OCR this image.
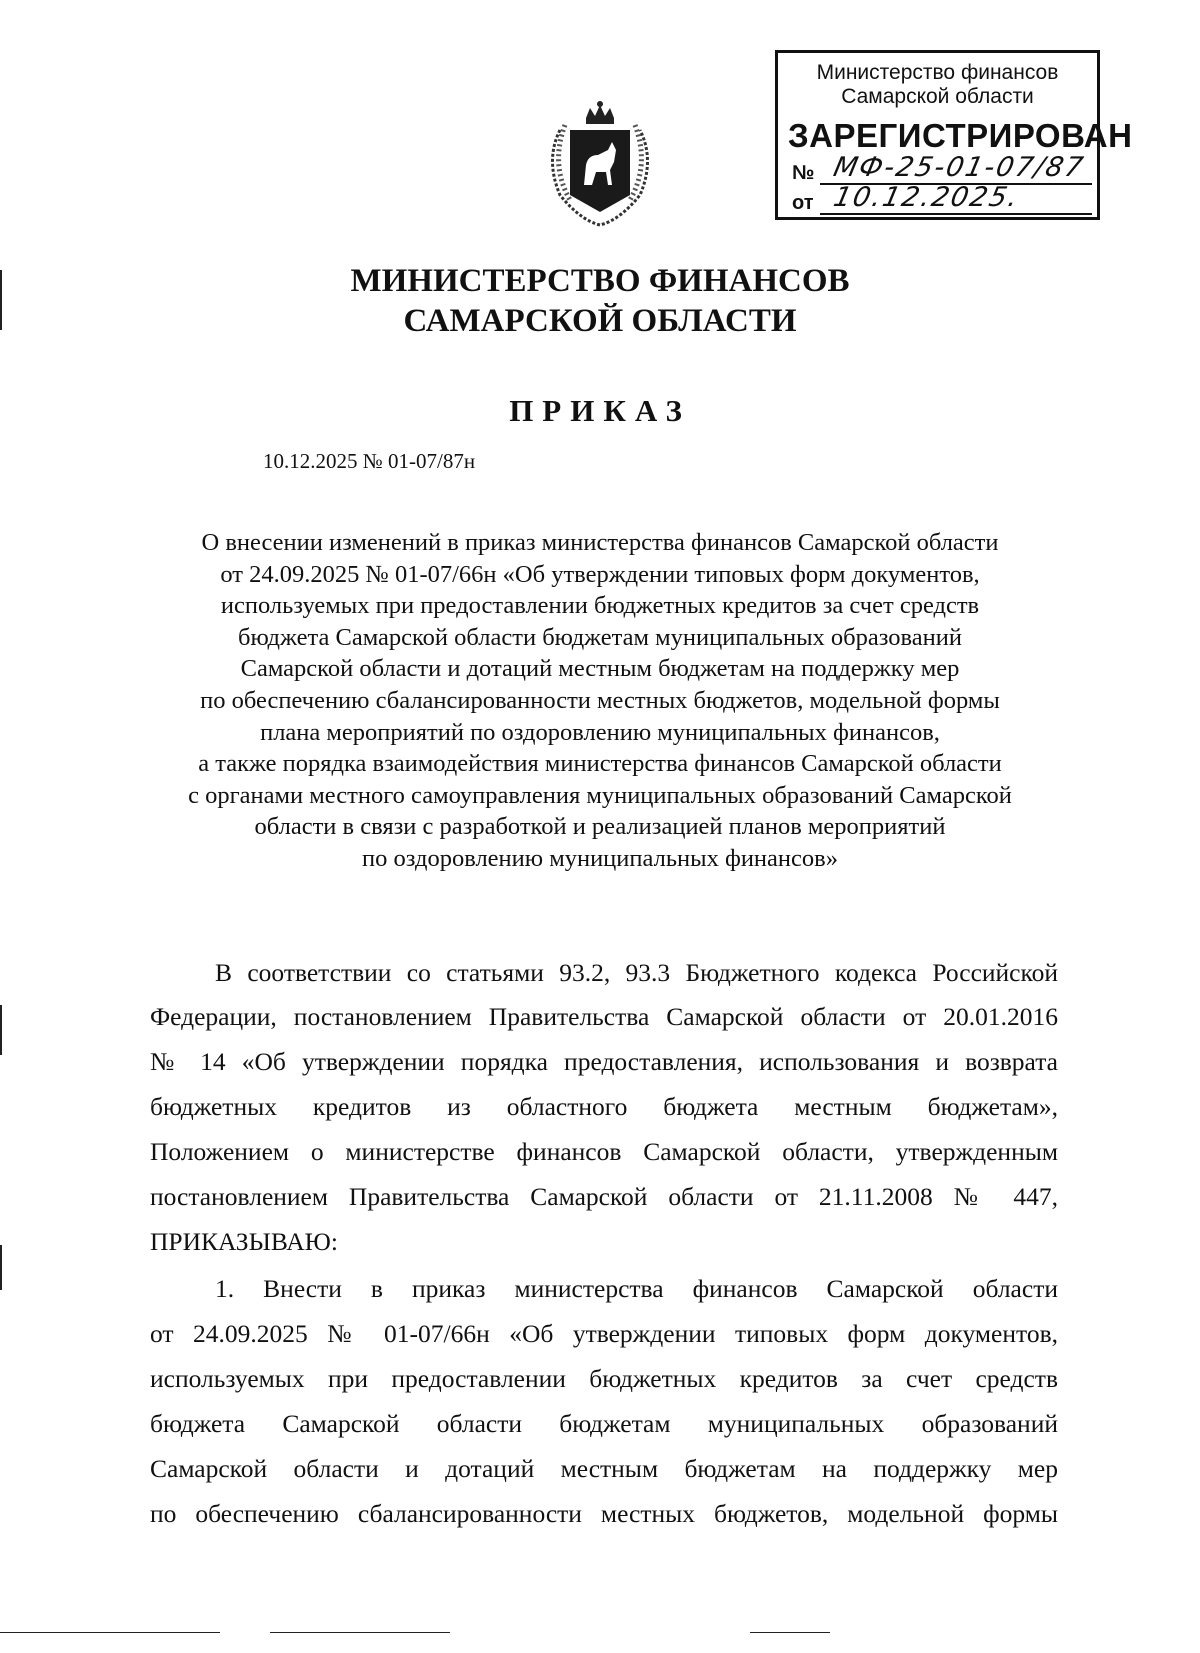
Министерство финансов
Самарской области
ЗАРЕГИСТРИРОВАН
№ МФ-25-01-07/87
от 10.12.2025.
МИНИСТЕРСТВО ФИНАНСОВ
САМАРСКОЙ ОБЛАСТИ
ПРИКАЗ
10.12.2025 № 01-07/87н
О внесении изменений в приказ министерства финансов Самарской области
от 24.09.2025 № 01-07/66н «Об утверждении типовых форм документов,
используемых при предоставлении бюджетных кредитов за счет средств
бюджета Самарской области бюджетам муниципальных образований
Самарской области и дотаций местным бюджетам на поддержку мер
по обеспечению сбалансированности местных бюджетов, модельной формы
плана мероприятий по оздоровлению муниципальных финансов,
а также порядка взаимодействия министерства финансов Самарской области
с органами местного самоуправления муниципальных образований Самарской
области в связи с разработкой и реализацией планов мероприятий
по оздоровлению муниципальных финансов»
В соответствии со статьями 93.2, 93.3 Бюджетного кодекса Российской
Федерации, постановлением Правительства Самарской области от 20.01.2016
№ 14 «Об утверждении порядка предоставления, использования и возврата
бюджетных кредитов из областного бюджета местным бюджетам»,
Положением о министерстве финансов Самарской области, утвержденным
постановлением Правительства Самарской области от 21.11.2008 № 447,
ПРИКАЗЫВАЮ:
1. Внести в приказ министерства финансов Самарской области
от 24.09.2025 № 01-07/66н «Об утверждении типовых форм документов,
используемых при предоставлении бюджетных кредитов за счет средств
бюджета Самарской области бюджетам муниципальных образований
Самарской области и дотаций местным бюджетам на поддержку мер
по обеспечению сбалансированности местных бюджетов, модельной формы
